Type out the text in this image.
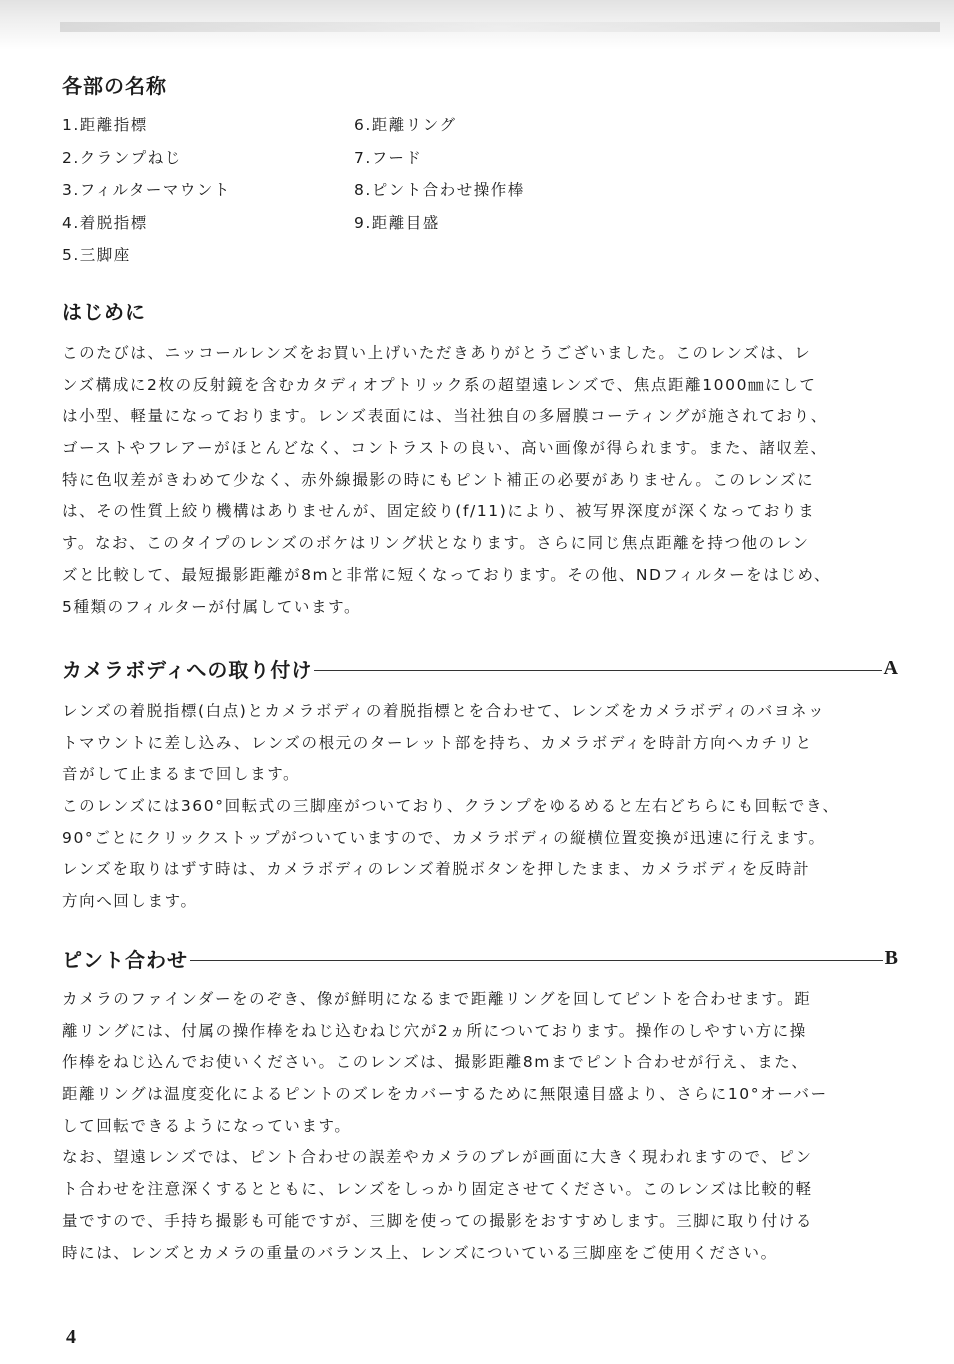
各部の名称
1.距離指標
2.クランプねじ
3.フィルターマウント
4.着脱指標
5.三脚座
6.距離リング
7.フード
8.ピント合わせ操作棒
9.距離目盛
はじめに
このたびは、ニッコールレンズをお買い上げいただきありがとうございました。このレンズは、レ
ンズ構成に2枚の反射鏡を含むカタディオプトリック系の超望遠レンズで、焦点距離1000㎜にして
は小型、軽量になっております。レンズ表面には、当社独自の多層膜コーティングが施されており、
ゴーストやフレアーがほとんどなく、コントラストの良い、高い画像が得られます。また、諸収差、
特に色収差がきわめて少なく、赤外線撮影の時にもピント補正の必要がありません。このレンズに
は、その性質上絞り機構はありませんが、固定絞り(f/11)により、被写界深度が深くなっておりま
す。なお、このタイプのレンズのボケはリング状となります。さらに同じ焦点距離を持つ他のレン
ズと比較して、最短撮影距離が8mと非常に短くなっております。その他、NDフィルターをはじめ、
5種類のフィルターが付属しています。
カメラボディへの取り付け	A
レンズの着脱指標(白点)とカメラボディの着脱指標とを合わせて、レンズをカメラボディのバヨネッ
トマウントに差し込み、レンズの根元のターレット部を持ち、カメラボディを時計方向へカチリと
音がして止まるまで回します。
このレンズには360°回転式の三脚座がついており、クランプをゆるめると左右どちらにも回転でき、
90°ごとにクリックストップがついていますので、カメラボディの縦横位置変換が迅速に行えます。
レンズを取りはずす時は、カメラボディのレンズ着脱ボタンを押したまま、カメラボディを反時計
方向へ回します。
ピント合わせ	B
カメラのファインダーをのぞき、像が鮮明になるまで距離リングを回してピントを合わせます。距
離リングには、付属の操作棒をねじ込むねじ穴が2ヵ所についております。操作のしやすい方に操
作棒をねじ込んでお使いください。このレンズは、撮影距離8mまでピント合わせが行え、また、
距離リングは温度変化によるピントのズレをカバーするために無限遠目盛より、さらに10°オーバー
して回転できるようになっています。
なお、望遠レンズでは、ピント合わせの誤差やカメラのブレが画面に大きく現われますので、ピン
ト合わせを注意深くするとともに、レンズをしっかり固定させてください。このレンズは比較的軽
量ですので、手持ち撮影も可能ですが、三脚を使っての撮影をおすすめします。三脚に取り付ける
時には、レンズとカメラの重量のバランス上、レンズについている三脚座をご使用ください。
4
